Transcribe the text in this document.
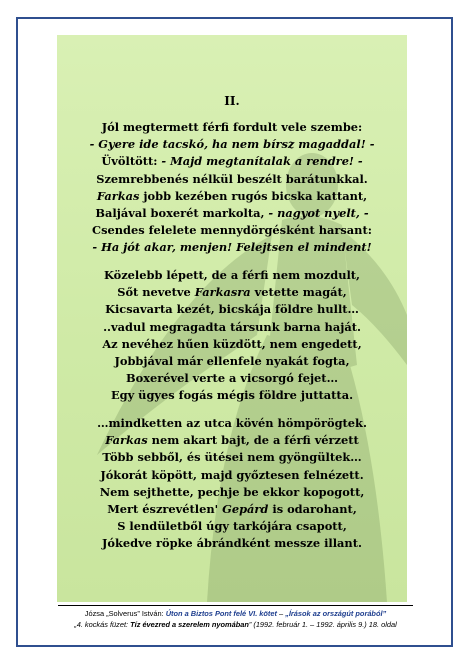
II.
Jól megtermett férfi fordult vele szembe:
- Gyere ide tacskó, ha nem bírsz magaddal! -
Üvöltött: - Majd megtanítalak a rendre! -
Szemrebbenés nélkül beszélt barátunkkal.
Farkas jobb kezében rugós bicska kattant,
Baljával boxerét markolta, - nagyot nyelt, -
Csendes felelete mennydörgésként harsant:
- Ha jót akar, menjen! Felejtsen el mindent!
Közelebb lépett, de a férfi nem mozdult,
Sőt nevetve Farkasra vetette magát,
Kicsavarta kezét, bicskája földre hullt…
..vadul megragadta társunk barna haját.
Az nevéhez hűen küzdött, nem engedett,
Jobbjával már ellenfele nyakát fogta,
Boxerével verte a vicsorgó fejet…
Egy ügyes fogás mégis földre juttatta.
…mindketten az utca kövén hömpörögtek.
Farkas nem akart bajt, de a férfi vérzett
Több sebből, és ütései nem gyöngültek…
Jókorát köpött, majd győztesen felnézett.
Nem sejthette, pechje be ekkor kopogott,
Mert észrevétlen' Gepárd is odarohant,
S lendületből úgy tarkójára csapott,
Jókedve röpke ábrándként messze illant.
Józsa „Solverus” István: Úton a Biztos Pont felé VI. kötet – „Írások az országút porából”
„4. kockás füzet: Tíz évezred a szerelem nyomában” (1992. február 1. – 1992. április 9.) 18. oldal
